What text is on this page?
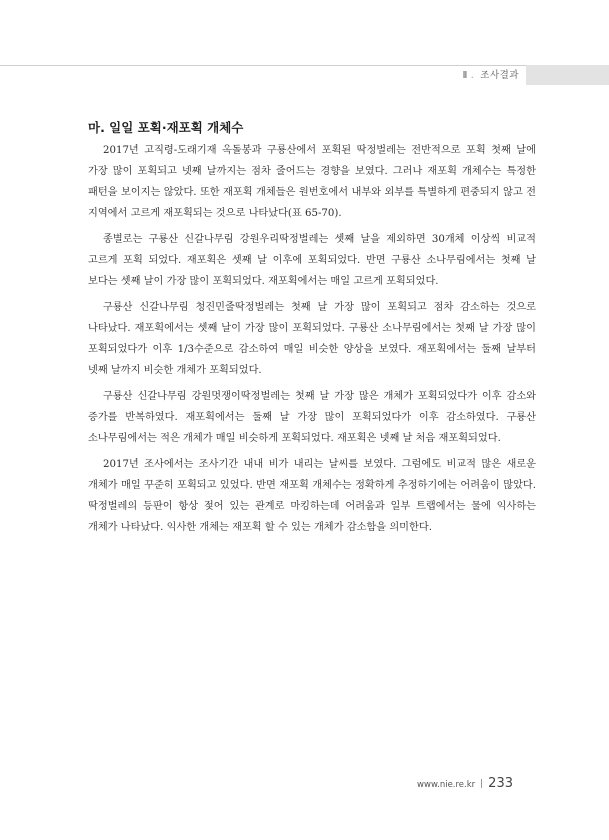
Ⅱ . 조사결과
마. 일일 포획·재포획 개체수

2017년 고직령-도래기재 옥돌봉과 구룡산에서 포획된 딱정벌레는 전반적으로 포획 첫째 날에 가장 많이 포획되고 넷째 날까지는 점차 줄어드는 경향을 보였다. 그러나 재포획 개체수는 특정한 패턴을 보이지는 않았다. 또한 재포획 개체들은 원번호에서 내부와 외부를 특별하게 편중되지 않고 전 지역에서 고르게 재포획되는 것으로 나타났다(표 65-70).

종별로는 구룡산 신갈나무림 강원우리딱정벌레는 셋째 날을 제외하면 30개체 이상씩 비교적 고르게 포획 되었다. 재포획은 셋째 날 이후에 포획되었다. 반면 구룡산 소나무림에서는 첫째 날 보다는 셋째 날이 가장 많이 포획되었다. 재포획에서는 매일 고르게 포획되었다.

구룡산 신갈나무림 청진민줄딱정벌레는 첫째 날 가장 많이 포획되고 점차 감소하는 것으로 나타났다. 재포획에서는 셋째 날이 가장 많이 포획되었다. 구룡산 소나무림에서는 첫째 날 가장 많이 포획되었다가 이후 1/3수준으로 감소하여 매일 비슷한 양상을 보였다. 재포획에서는 둘째 날부터 넷째 날까지 비슷한 개체가 포획되었다.

구룡산 신갈나무림 강원멋쟁이딱정벌레는 첫째 날 가장 많은 개체가 포획되었다가 이후 감소와 증가를 반복하였다. 재포획에서는 둘째 날 가장 많이 포획되었다가 이후 감소하였다. 구룡산 소나무림에서는 적은 개체가 매일 비슷하게 포획되었다. 재포획은 넷째 날 처음 재포획되었다.

2017년 조사에서는 조사기간 내내 비가 내리는 날씨를 보였다. 그럼에도 비교적 많은 새로운 개체가 매일 꾸준히 포획되고 있었다. 반면 재포획 개체수는 정확하게 추정하기에는 어려움이 많았다. 딱정벌레의 등판이 항상 젖어 있는 관계로 마킹하는데 어려움과 일부 트랩에서는 물에 익사하는 개체가 나타났다. 익사한 개체는 재포획 할 수 있는 개체가 감소함을 의미한다.

www.nie.re.kr 233
